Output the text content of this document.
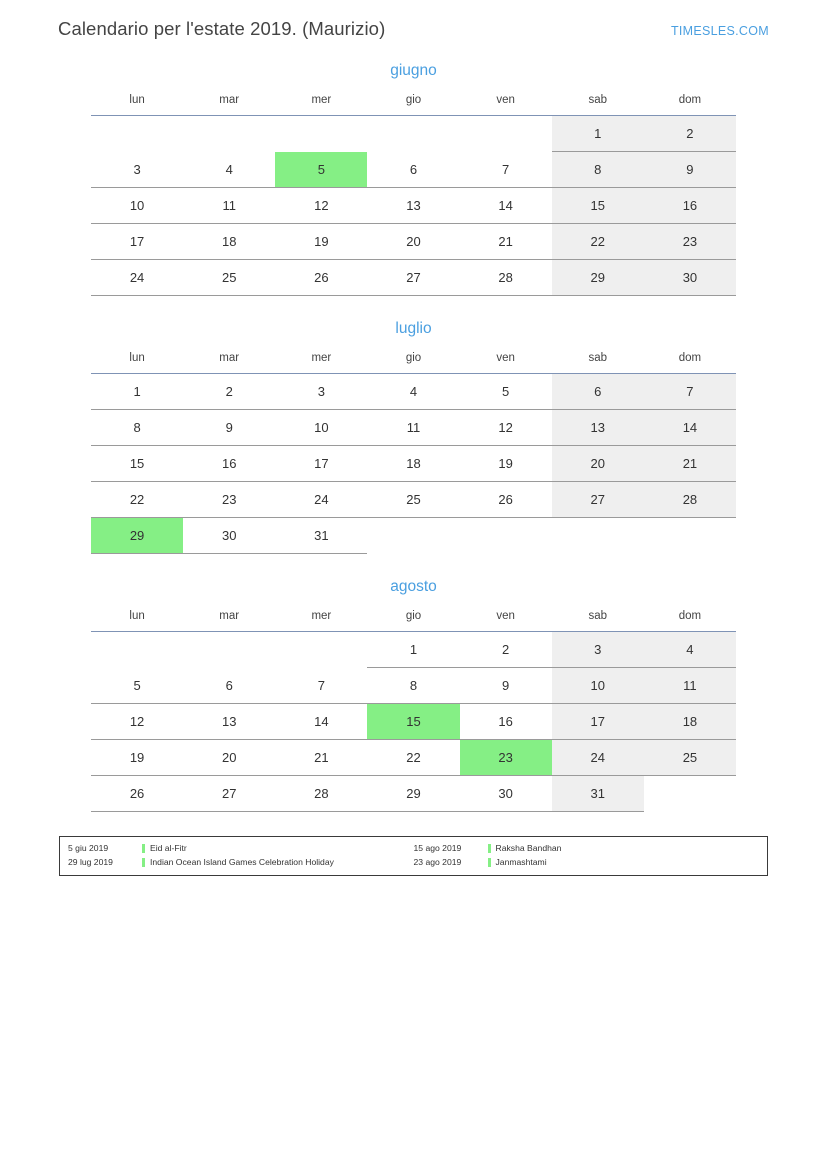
Calendario per l'estate 2019. (Maurizio)	TIMESLES.COM
giugno
lun	mar	mer	gio	ven	sab	dom

					1	2

3	4	5	6	7	8	9

10	11	12	13	14	15	16

17	18	19	20	21	22	23

24	25	26	27	28	29	30
luglio
lun	mar	mer	gio	ven	sab	dom

1	2	3	4	5	6	7

8	9	10	11	12	13	14

15	16	17	18	19	20	21

22	23	24	25	26	27	28

29	30	31				

agosto
lun	mar	mer	gio	ven	sab	dom

			1	2	3	4

5	6	7	8	9	10	11

12	13	14	15	16	17	18

19	20	21	22	23	24	25

26	27	28	29	30	31	

5 giu 2019	Eid al-Fitr
29 lug 2019	Indian Ocean Island Games Celebration Holiday
15 ago 2019	Raksha Bandhan
23 ago 2019	Janmashtami
